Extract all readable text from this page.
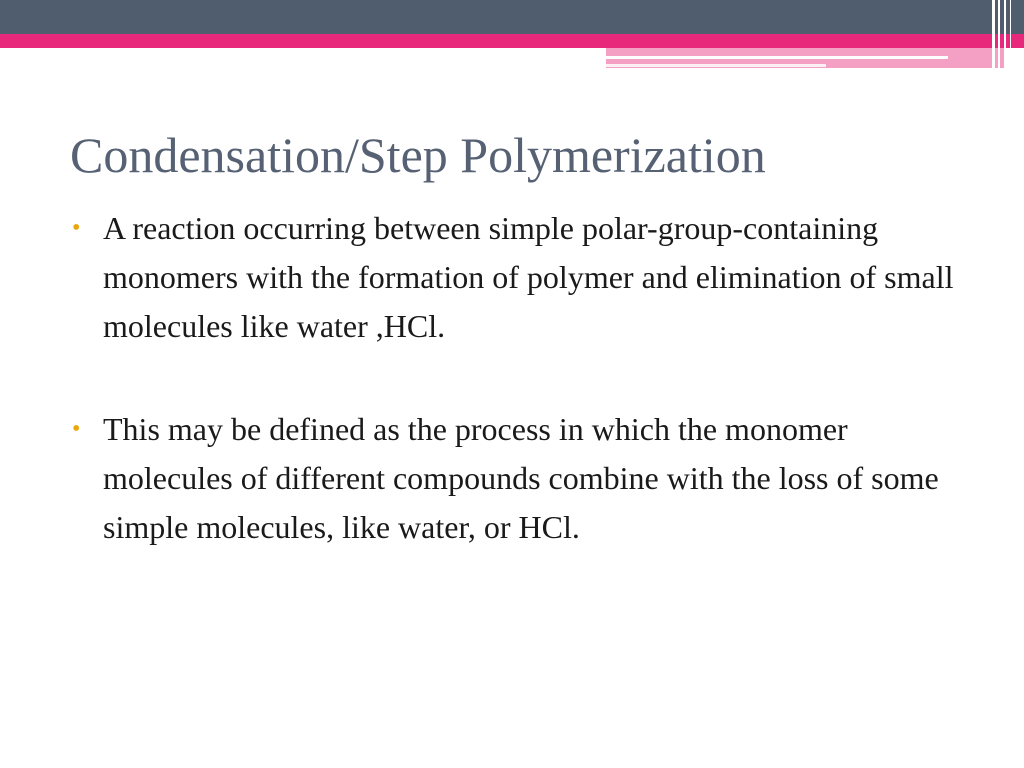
Condensation/Step Polymerization
• A reaction occurring between simple polar-group-containing monomers with the formation of polymer and elimination of small molecules like water ,HCl.
• This may be defined as the process in which the monomer molecules of different compounds combine with the loss of some simple molecules, like water, or HCl.
